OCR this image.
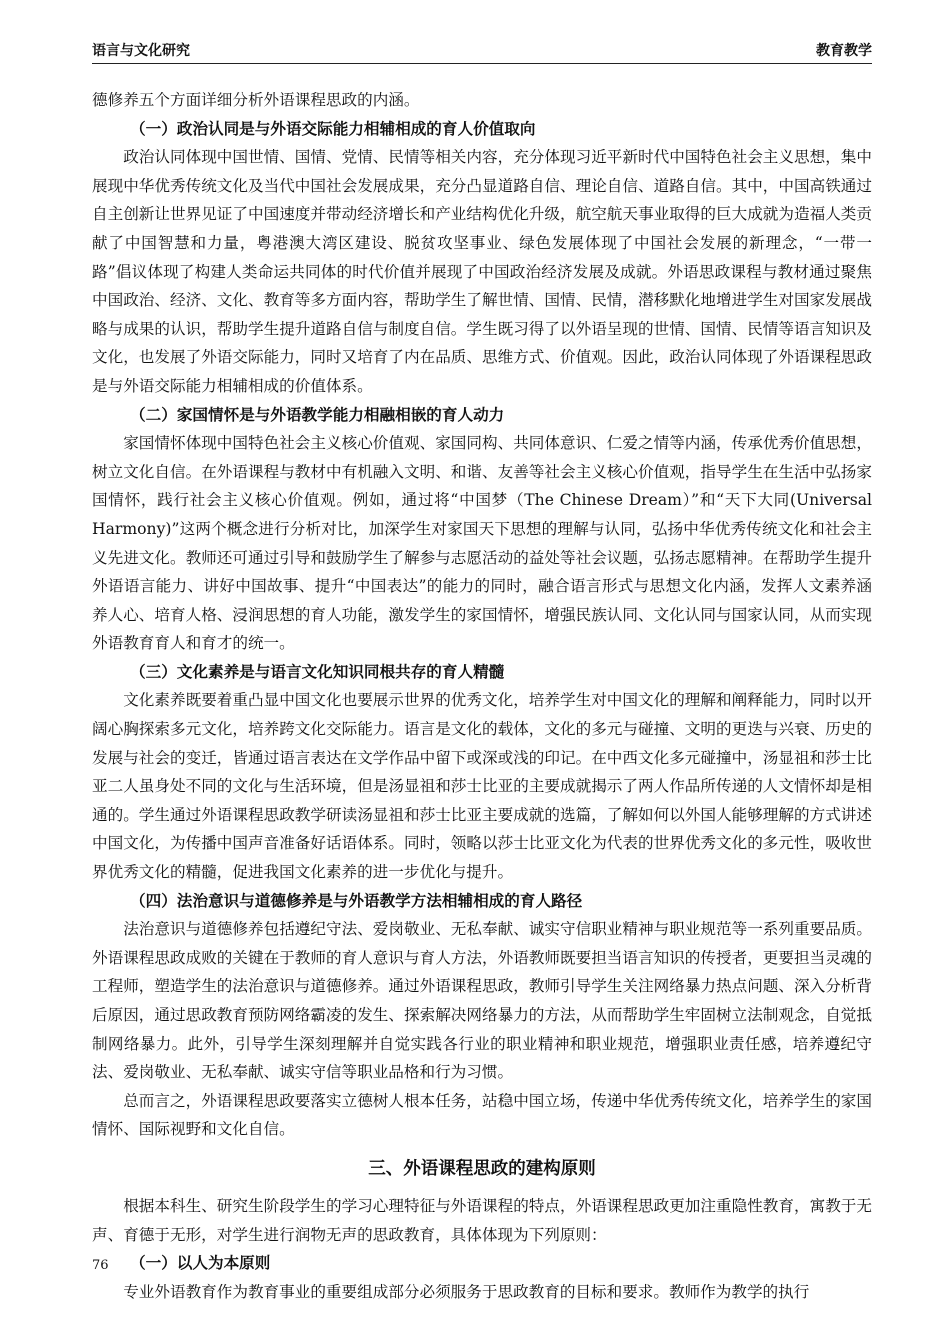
语言与文化研究	教育教学

德修养五个方面详细分析外语课程思政的内涵。

（一）政治认同是与外语交际能力相辅相成的育人价值取向

政治认同体现中国世情、国情、党情、民情等相关内容，充分体现习近平新时代中国特色社会主义思想，集中展现中华优秀传统文化及当代中国社会发展成果，充分凸显道路自信、理论自信、道路自信。其中，中国高铁通过自主创新让世界见证了中国速度并带动经济增长和产业结构优化升级，航空航天事业取得的巨大成就为造福人类贡献了中国智慧和力量，粤港澳大湾区建设、脱贫攻坚事业、绿色发展体现了中国社会发展的新理念，“一带一路”倡议体现了构建人类命运共同体的时代价值并展现了中国政治经济发展及成就。外语思政课程与教材通过聚焦中国政治、经济、文化、教育等多方面内容，帮助学生了解世情、国情、民情，潜移默化地增进学生对国家发展战略与成果的认识，帮助学生提升道路自信与制度自信。学生既习得了以外语呈现的世情、国情、民情等语言知识及文化，也发展了外语交际能力，同时又培育了内在品质、思维方式、价值观。因此，政治认同体现了外语课程思政是与外语交际能力相辅相成的价值体系。

（二）家国情怀是与外语教学能力相融相嵌的育人动力

家国情怀体现中国特色社会主义核心价值观、家国同构、共同体意识、仁爱之情等内涵，传承优秀价值思想，树立文化自信。在外语课程与教材中有机融入文明、和谐、友善等社会主义核心价值观，指导学生在生活中弘扬家国情怀，践行社会主义核心价值观。例如，通过将“中国梦（The Chinese Dream）”和“天下大同(Universal Harmony)”这两个概念进行分析对比，加深学生对家国天下思想的理解与认同，弘扬中华优秀传统文化和社会主义先进文化。教师还可通过引导和鼓励学生了解参与志愿活动的益处等社会议题，弘扬志愿精神。在帮助学生提升外语语言能力、讲好中国故事、提升“中国表达”的能力的同时，融合语言形式与思想文化内涵，发挥人文素养涵养人心、培育人格、浸润思想的育人功能，激发学生的家国情怀，增强民族认同、文化认同与国家认同，从而实现外语教育育人和育才的统一。

（三）文化素养是与语言文化知识同根共存的育人精髓

文化素养既要着重凸显中国文化也要展示世界的优秀文化，培养学生对中国文化的理解和阐释能力，同时以开阔心胸探索多元文化，培养跨文化交际能力。语言是文化的载体，文化的多元与碰撞、文明的更迭与兴衰、历史的发展与社会的变迁，皆通过语言表达在文学作品中留下或深或浅的印记。在中西文化多元碰撞中，汤显祖和莎士比亚二人虽身处不同的文化与生活环境，但是汤显祖和莎士比亚的主要成就揭示了两人作品所传递的人文情怀却是相通的。学生通过外语课程思政教学研读汤显祖和莎士比亚主要成就的选篇，了解如何以外国人能够理解的方式讲述中国文化，为传播中国声音准备好话语体系。同时，领略以莎士比亚文化为代表的世界优秀文化的多元性，吸收世界优秀文化的精髓，促进我国文化素养的进一步优化与提升。

（四）法治意识与道德修养是与外语教学方法相辅相成的育人路径

法治意识与道德修养包括遵纪守法、爱岗敬业、无私奉献、诚实守信职业精神与职业规范等一系列重要品质。外语课程思政成败的关键在于教师的育人意识与育人方法，外语教师既要担当语言知识的传授者，更要担当灵魂的工程师，塑造学生的法治意识与道德修养。通过外语课程思政，教师引导学生关注网络暴力热点问题、深入分析背后原因，通过思政教育预防网络霸凌的发生、探索解决网络暴力的方法，从而帮助学生牢固树立法制观念，自觉抵制网络暴力。此外，引导学生深刻理解并自觉实践各行业的职业精神和职业规范，增强职业责任感，培养遵纪守法、爱岗敬业、无私奉献、诚实守信等职业品格和行为习惯。

总而言之，外语课程思政要落实立德树人根本任务，站稳中国立场，传递中华优秀传统文化，培养学生的家国情怀、国际视野和文化自信。

三、外语课程思政的建构原则

根据本科生、研究生阶段学生的学习心理特征与外语课程的特点，外语课程思政更加注重隐性教育，寓教于无声、育德于无形，对学生进行润物无声的思政教育，具体体现为下列原则：

（一）以人为本原则

专业外语教育作为教育事业的重要组成部分必须服务于思政教育的目标和要求。教师作为教学的执行

76
